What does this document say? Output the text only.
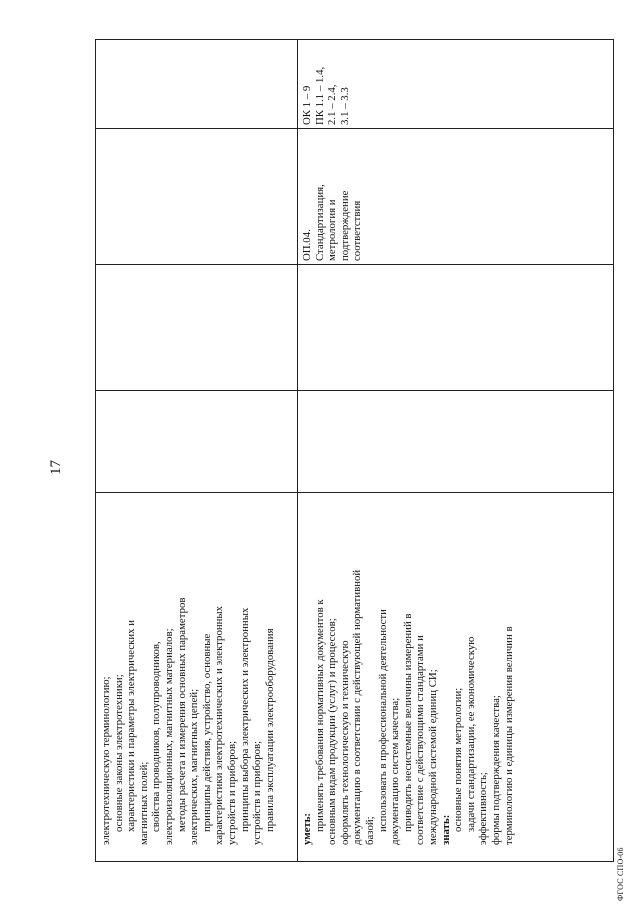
17
электротехническую терминологию; основные законы электротехники; характеристики и параметры электрических и магнитных полей; свойства проводников, полупроводников, электроизоляционных, магнитных материалов; методы расчета и измерения основных параметров электрических, магнитных цепей; принципы действия, устройство, основные характеристики электротехнических и электронных устройств и приборов; принципы выбора электрических и электронных устройств и приборов; правила эксплуатации электрооборудования уметь: применять требования нормативных документов к основным видам продукции (услуг) и процессов; оформлять технологическую и техническую документацию в соответствии с действующей нормативной базой; использовать в профессиональной деятельности документацию систем качества; приводить несистемные величины измерений в соответствие с действующими стандартами и международной системой единиц СИ; знать: основные понятия метрологии; задачи стандартизации, ее экономическую эффективность; формы подтверждения качества; терминологию и единицы измерения величин в
ОП.04. Стандартизация, метрология и подтверждение соответствия
ОК 1 – 9 ПК 1.1 – 1.4, 2.1 – 2.4, 3.1 – 3.3
ФГОС СПО-06
